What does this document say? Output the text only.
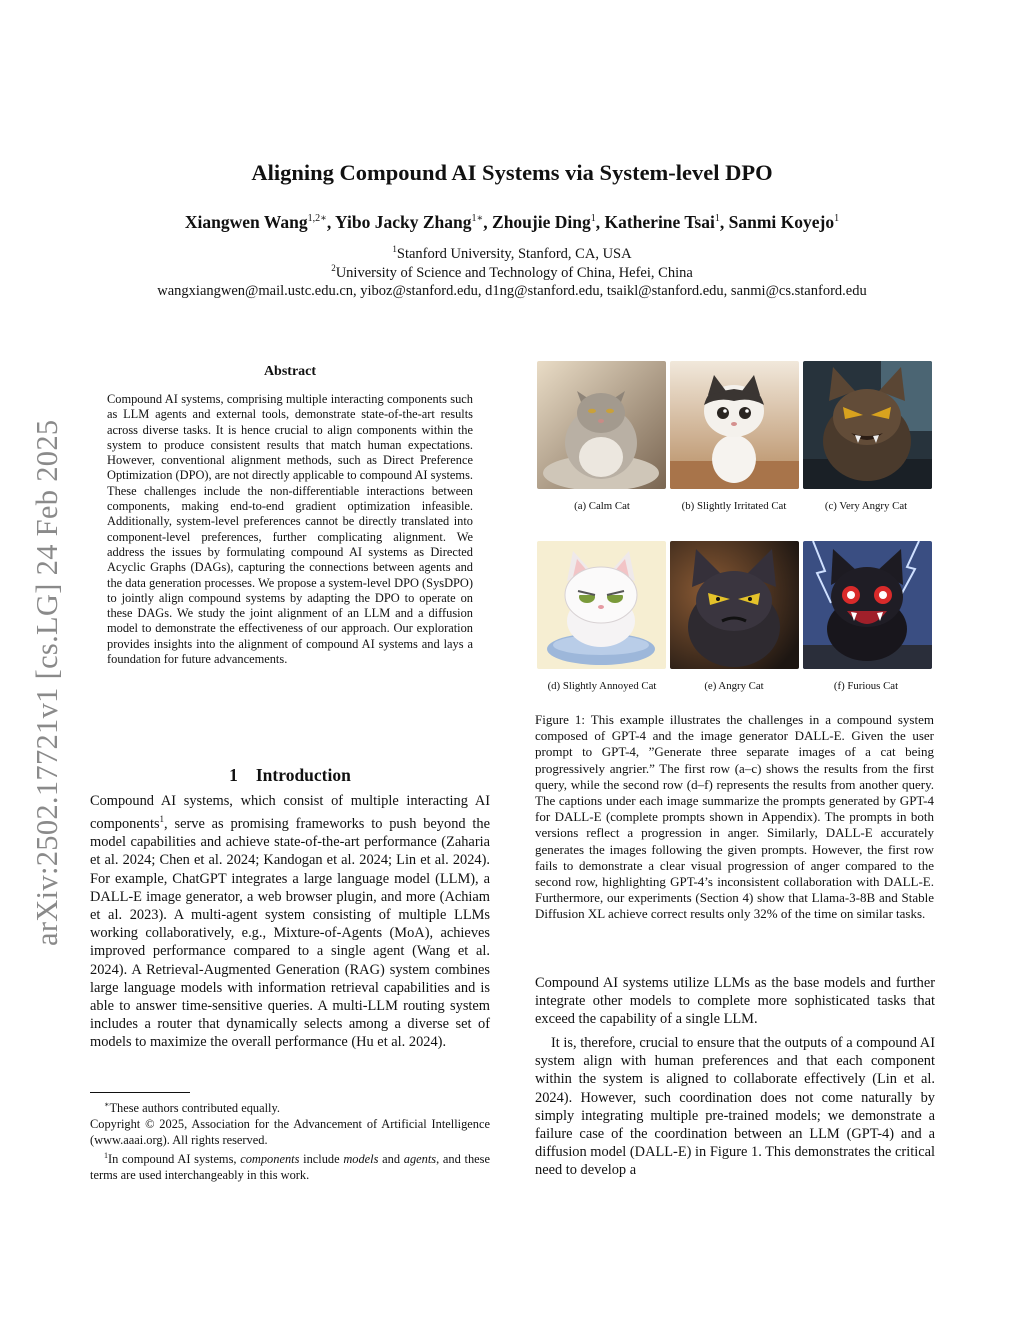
arXiv:2502.17721v1 [cs.LG] 24 Feb 2025
Aligning Compound AI Systems via System-level DPO
Xiangwen Wang$^{1,2∗}$, Yibo Jacky Zhang$^{1∗}$, Zhoujie Ding$^1$, Katherine Tsai$^1$, Sanmi Koyejo$^1$
$^1$Stanford University, Stanford, CA, USA
$^2$University of Science and Technology of China, Hefei, China
wangxiangwen@mail.ustc.edu.cn, yiboz@stanford.edu, d1ng@stanford.edu, tsaikl@stanford.edu, sanmi@cs.stanford.edu
Abstract
Compound AI systems, comprising multiple interacting components such as LLM agents and external tools, demonstrate state-of-the-art results across diverse tasks. It is hence crucial to align components within the system to produce consistent results that match human expectations. However, conventional alignment methods, such as Direct Preference Optimization (DPO), are not directly applicable to compound AI systems. These challenges include the non-differentiable interactions between components, making end-to-end gradient optimization infeasible. Additionally, system-level preferences cannot be directly translated into component-level preferences, further complicating alignment. We address the issues by formulating compound AI systems as Directed Acyclic Graphs (DAGs), capturing the connections between agents and the data generation processes. We propose a system-level DPO (SysDPO) to jointly align compound systems by adapting the DPO to operate on these DAGs. We study the joint alignment of an LLM and a diffusion model to demonstrate the effectiveness of our approach. Our exploration provides insights into the alignment of compound AI systems and lays a foundation for future advancements.
1 Introduction
Compound AI systems, which consist of multiple interacting AI components$^1$, serve as promising frameworks to push beyond the model capabilities and achieve state-of-the-art performance (Zaharia et al. 2024; Chen et al. 2024; Kandogan et al. 2024; Lin et al. 2024). For example, ChatGPT integrates a large language model (LLM), a DALL-E image generator, a web browser plugin, and more (Achiam et al. 2023). A multi-agent system consisting of multiple LLMs working collaboratively, e.g., Mixture-of-Agents (MoA), achieves improved performance compared to a single agent (Wang et al. 2024). A Retrieval-Augmented Generation (RAG) system combines large language models with information retrieval capabilities and is able to answer time-sensitive queries. A multi-LLM routing system includes a router that dynamically selects among a diverse set of models to maximize the overall performance (Hu et al. 2024).

∗These authors contributed equally.

Copyright © 2025, Association for the Advancement of Artificial Intelligence (www.aaai.org). All rights reserved.

$^1$In compound AI systems, components include models and agents, and these terms are used interchangeably in this work.

(a) Calm Cat	(b) Slightly Irritated Cat	(c) Very Angry Cat
(d) Slightly Annoyed Cat	(e) Angry Cat	(f) Furious Cat
Figure 1: This example illustrates the challenges in a compound system composed of GPT-4 and the image generator DALL-E. Given the user prompt to GPT-4, ”Generate three separate images of a cat being progressively angrier.” The first row (a–c) shows the results from the first query, while the second row (d–f) represents the results from another query. The captions under each image summarize the prompts generated by GPT-4 for DALL-E (complete prompts shown in Appendix). The prompts in both versions reflect a progression in anger. Similarly, DALL-E accurately generates the images following the given prompts. However, the first row fails to demonstrate a clear visual progression of anger compared to the second row, highlighting GPT-4’s inconsistent collaboration with DALL-E. Furthermore, our experiments (Section 4) show that Llama-3-8B and Stable Diffusion XL achieve correct results only 32% of the time on similar tasks.

Compound AI systems utilize LLMs as the base models and further integrate other models to complete more sophisticated tasks that exceed the capability of a single LLM.

It is, therefore, crucial to ensure that the outputs of a compound AI system align with human preferences and that each component within the system is aligned to collaborate effectively (Lin et al. 2024). However, such coordination does not come naturally by simply integrating multiple pre-trained models; we demonstrate a failure case of the coordination between an LLM (GPT-4) and a diffusion model (DALL-E) in Figure 1. This demonstrates the critical need to develop a
